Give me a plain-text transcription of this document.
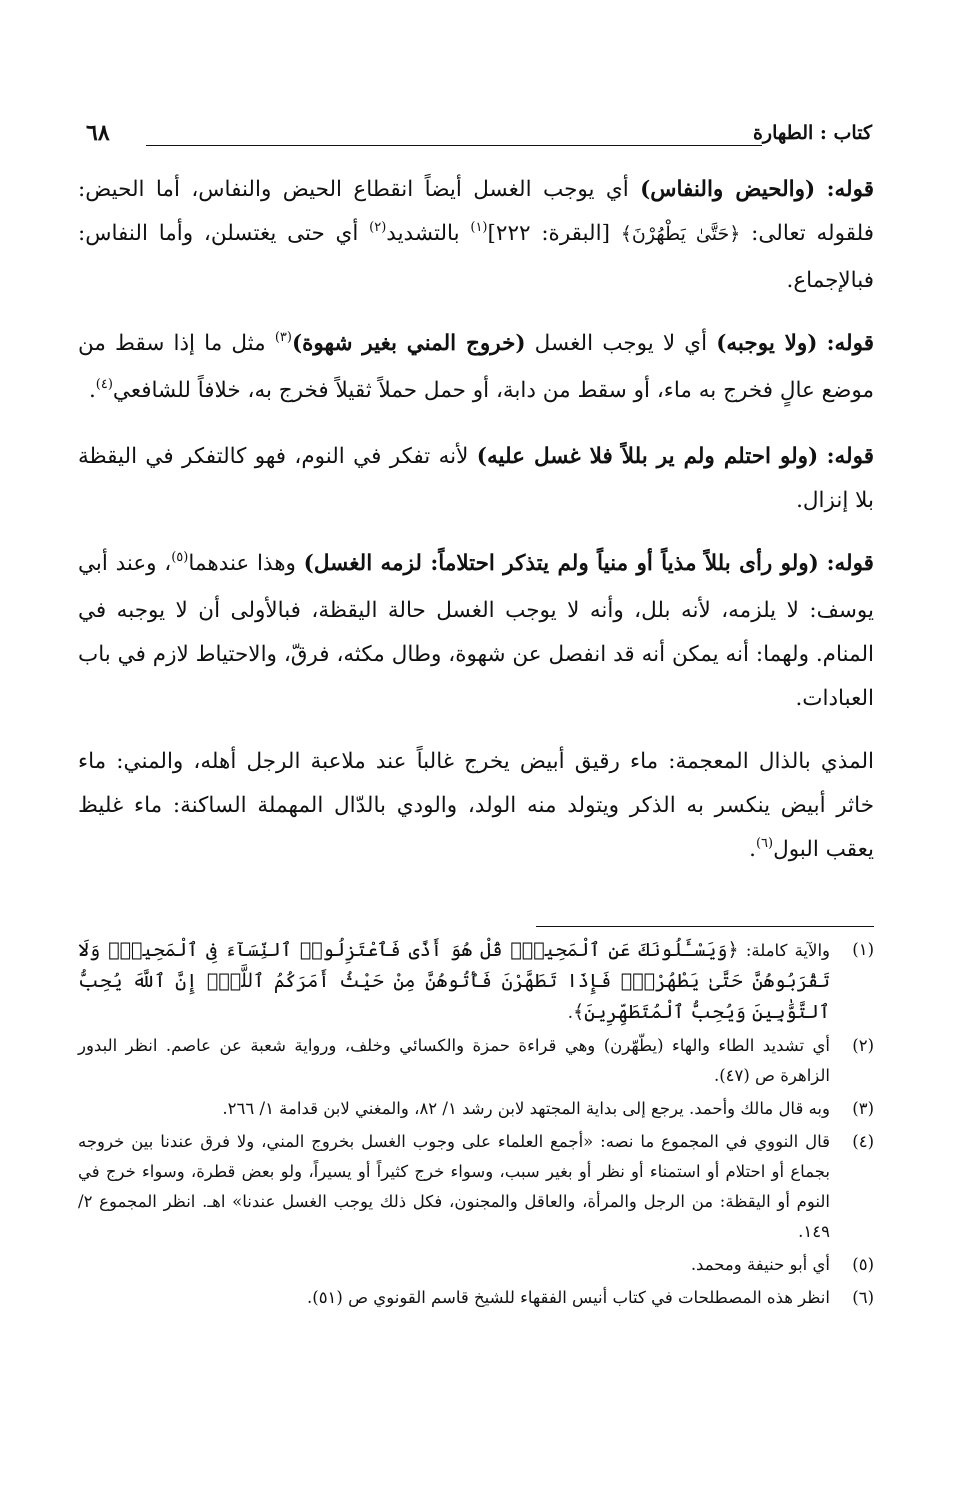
كتاب : الطهارة
٦٨

قوله: (والحيض والنفاس) أي يوجب الغسل أيضاً انقطاع الحيض والنفاس، أما الحيض: فلقوله تعالى: ﴿حَتَّىٰ يَطْهُرْنَ﴾ [البقرة: ٢٢٢]$^{(١)}$ بالتشديد$^{(٢)}$ أي حتى يغتسلن، وأما النفاس: فبالإجماع.

قوله: (ولا يوجبه) أي لا يوجب الغسل (خروج المني بغير شهوة)$^{(٣)}$ مثل ما إذا سقط من موضع عالٍ فخرج به ماء، أو سقط من دابة، أو حمل حملاً ثقيلاً فخرج به، خلافاً للشافعي$^{(٤)}$.

قوله: (ولو احتلم ولم ير بللاً فلا غسل عليه) لأنه تفكر في النوم، فهو كالتفكر في اليقظة بلا إنزال.

قوله: (ولو رأى بللاً مذياً أو منياً ولم يتذكر احتلاماً: لزمه الغسل) وهذا عندهما$^{(٥)}$، وعند أبي يوسف: لا يلزمه، لأنه بلل، وأنه لا يوجب الغسل حالة اليقظة، فبالأولى أن لا يوجبه في المنام. ولهما: أنه يمكن أنه قد انفصل عن شهوة، وطال مكثه، فرقّ، والاحتياط لازم في باب العبادات.

المذي بالذال المعجمة: ماء رقيق أبيض يخرج غالباً عند ملاعبة الرجل أهله، والمني: ماء خاثر أبيض ينكسر به الذكر ويتولد منه الولد، والودي بالدّال المهملة الساكنة: ماء غليظ يعقب البول$^{(٦)}$.

(١)
والآية كاملة: ﴿وَيَسْـَٔلُونَكَ عَنِ ٱلْمَحِيضِۖ قُلْ هُوَ أَذًى فَٱعْتَزِلُوا۟ ٱلنِّسَآءَ فِى ٱلْمَحِيضِۖ وَلَا تَقْرَبُوهُنَّ حَتَّىٰ يَطْهُرْنَۖ فَإِذَا تَطَهَّرْنَ فَأْتُوهُنَّ مِنْ حَيْثُ أَمَرَكُمُ ٱللَّهُۚ إِنَّ ٱللَّهَ يُحِبُّ ٱلتَّوَّٰبِينَ وَيُحِبُّ ٱلْمُتَطَهِّرِينَ﴾.
(٢)
أي تشديد الطاء والهاء (يطّهّرن) وهي قراءة حمزة والكسائي وخلف، ورواية شعبة عن عاصم. انظر البدور الزاهرة ص (٤٧).
(٣)
وبه قال مالك وأحمد. يرجع إلى بداية المجتهد لابن رشد ١/ ٨٢، والمغني لابن قدامة ١/ ٢٦٦.
(٤)
قال النووي في المجموع ما نصه: «أجمع العلماء على وجوب الغسل بخروج المني، ولا فرق عندنا بين خروجه بجماع أو احتلام أو استمناء أو نظر أو بغير سبب، وسواء خرج كثيراً أو يسيراً، ولو بعض قطرة، وسواء خرج في النوم أو اليقظة: من الرجل والمرأة، والعاقل والمجنون، فكل ذلك يوجب الغسل عندنا» اهـ. انظر المجموع ٢/ ١٤٩.
(٥)
أي أبو حنيفة ومحمد.
(٦)
انظر هذه المصطلحات في كتاب أنيس الفقهاء للشيخ قاسم القونوي ص (٥١).
